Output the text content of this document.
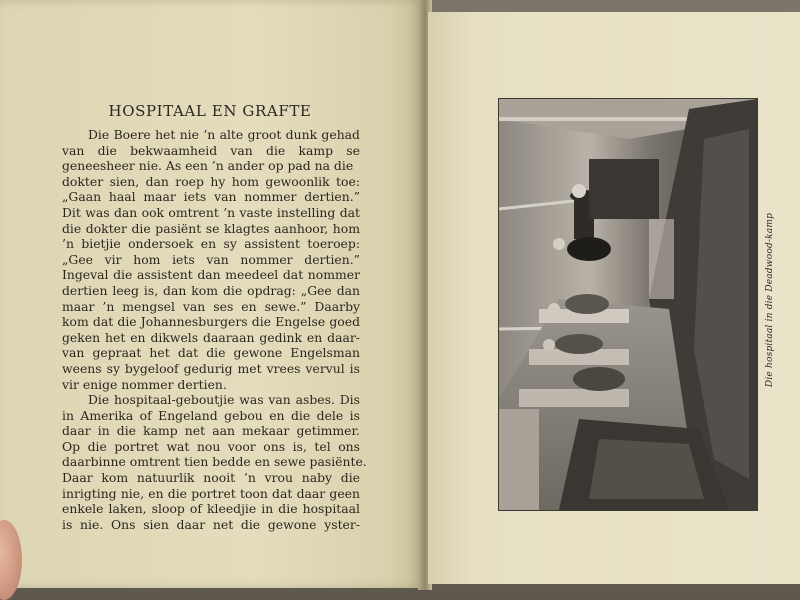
HOSPITAAL EN GRAFTE
Die Boere het nie ’n alte groot dunk gehad
van die bekwaamheid van die kamp se
geneesheer nie. As een ’n ander op pad na die
dokter sien, dan roep hy hom gewoonlik toe:
„Gaan haal maar iets van nommer dertien.”
Dit was dan ook omtrent ’n vaste instelling dat
die dokter die pasiënt se klagtes aanhoor, hom
’n bietjie ondersoek en sy assistent toeroep:
„Gee vir hom iets van nommer dertien.”
Ingeval die assistent dan meedeel dat nommer
dertien leeg is, dan kom die opdrag: „Gee dan
maar ’n mengsel van ses en sewe.” Daarby
kom dat die Johannesburgers die Engelse goed
geken het en dikwels daaraan gedink en daar-
van gepraat het dat die gewone Engelsman
weens sy bygeloof gedurig met vrees vervul is
vir enige nommer dertien.
Die hospitaal-geboutjie was van asbes. Dis
in Amerika of Engeland gebou en die dele is
daar in die kamp net aan mekaar getimmer.
Op die portret wat nou voor ons is, tel ons
daarbinne omtrent tien bedde en sewe pasiënte.
Daar kom natuurlik nooit ’n vrou naby die
inrigting nie, en die portret toon dat daar geen
enkele laken, sloop of kleedjie in die hospitaal
is nie. Ons sien daar net die gewone yster-
Die hospitaal in die Deadwood-kamp
